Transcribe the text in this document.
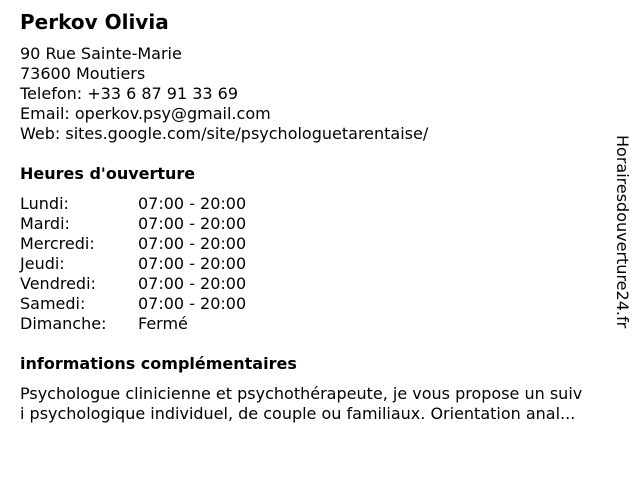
Perkov Olivia
90 Rue Sainte-Marie
73600 Moutiers
Telefon: +33 6 87 91 33 69
Email: operkov.psy@gmail.com
Web: sites.google.com/site/psychologuetarentaise/
Heures d'ouverture
Lundi:	07:00 - 20:00
Mardi:	07:00 - 20:00
Mercredi:	07:00 - 20:00
Jeudi:	07:00 - 20:00
Vendredi:	07:00 - 20:00
Samedi:	07:00 - 20:00
Dimanche: Fermé
informations complémentaires
Psychologue clinicienne et psychothérapeute, je vous propose un suiv
i psychologique individuel, de couple ou familiaux. Orientation anal...
Horairesdouverture24.fr
